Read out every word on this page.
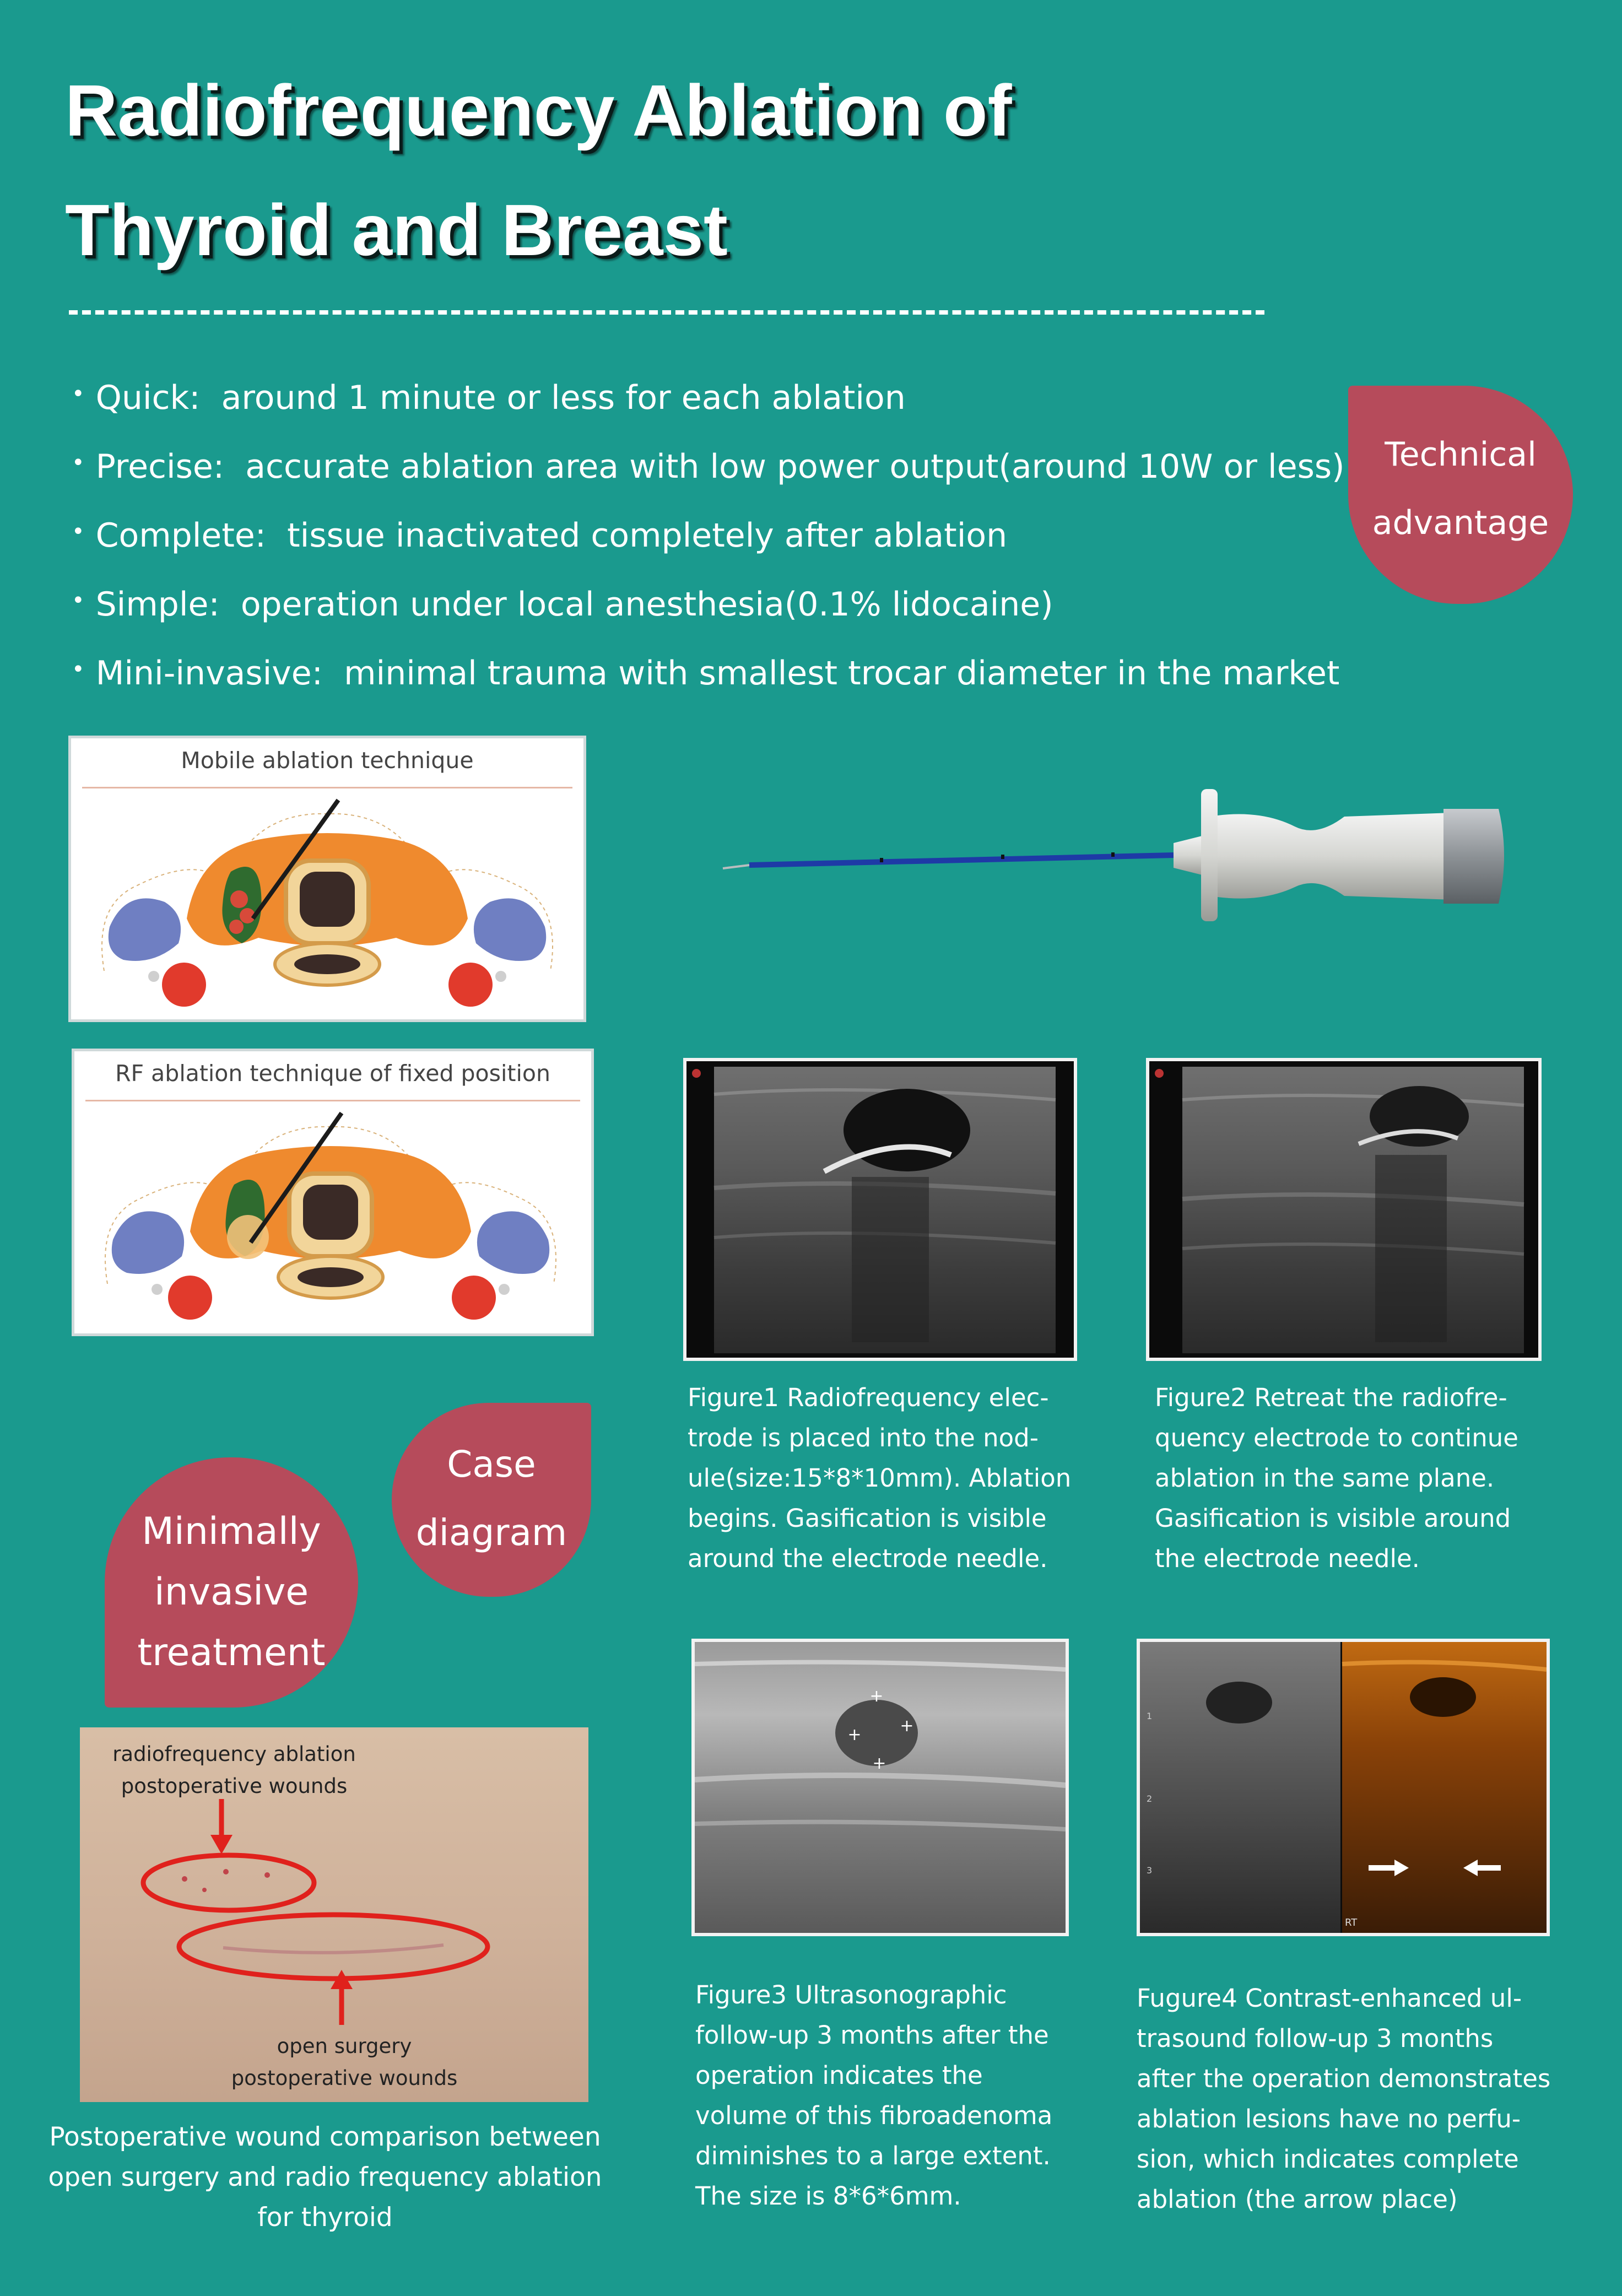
Radiofrequency Ablation of
Thyroid and Breast
• Quick: around 1 minute or less for each ablation
• Precise: accurate ablation area with low power output(around 10W or less)
• Complete: tissue inactivated completely after ablation
• Simple: operation under local anesthesia(0.1% lidocaine)
• Mini-invasive: minimal trauma with smallest trocar diameter in the market
Technical
advantage
Mobile ablation technique
RF ablation technique of fixed position
Figure1 Radiofrequency elec-
trode is placed into the nod-
ule(size:15*8*10mm). Ablation
begins. Gasification is visible
around the electrode needle.
Figure2 Retreat the radiofre-
quency electrode to continue
ablation in the same plane.
Gasification is visible around
the electrode needle.
Case
diagram
Minimally
invasive
treatment
radiofrequency ablation
postoperative wounds
open surgery
postoperative wounds
Postoperative wound comparison between
open surgery and radio frequency ablation
for thyroid
+
+ +
+
1
2
3
RT
Figure3 Ultrasonographic
follow-up 3 months after the
operation indicates the
volume of this fibroadenoma
diminishes to a large extent.
The size is 8*6*6mm.
Fugure4 Contrast-enhanced ul-
trasound follow-up 3 months
after the operation demonstrates
ablation lesions have no perfu-
sion, which indicates complete
ablation (the arrow place)
